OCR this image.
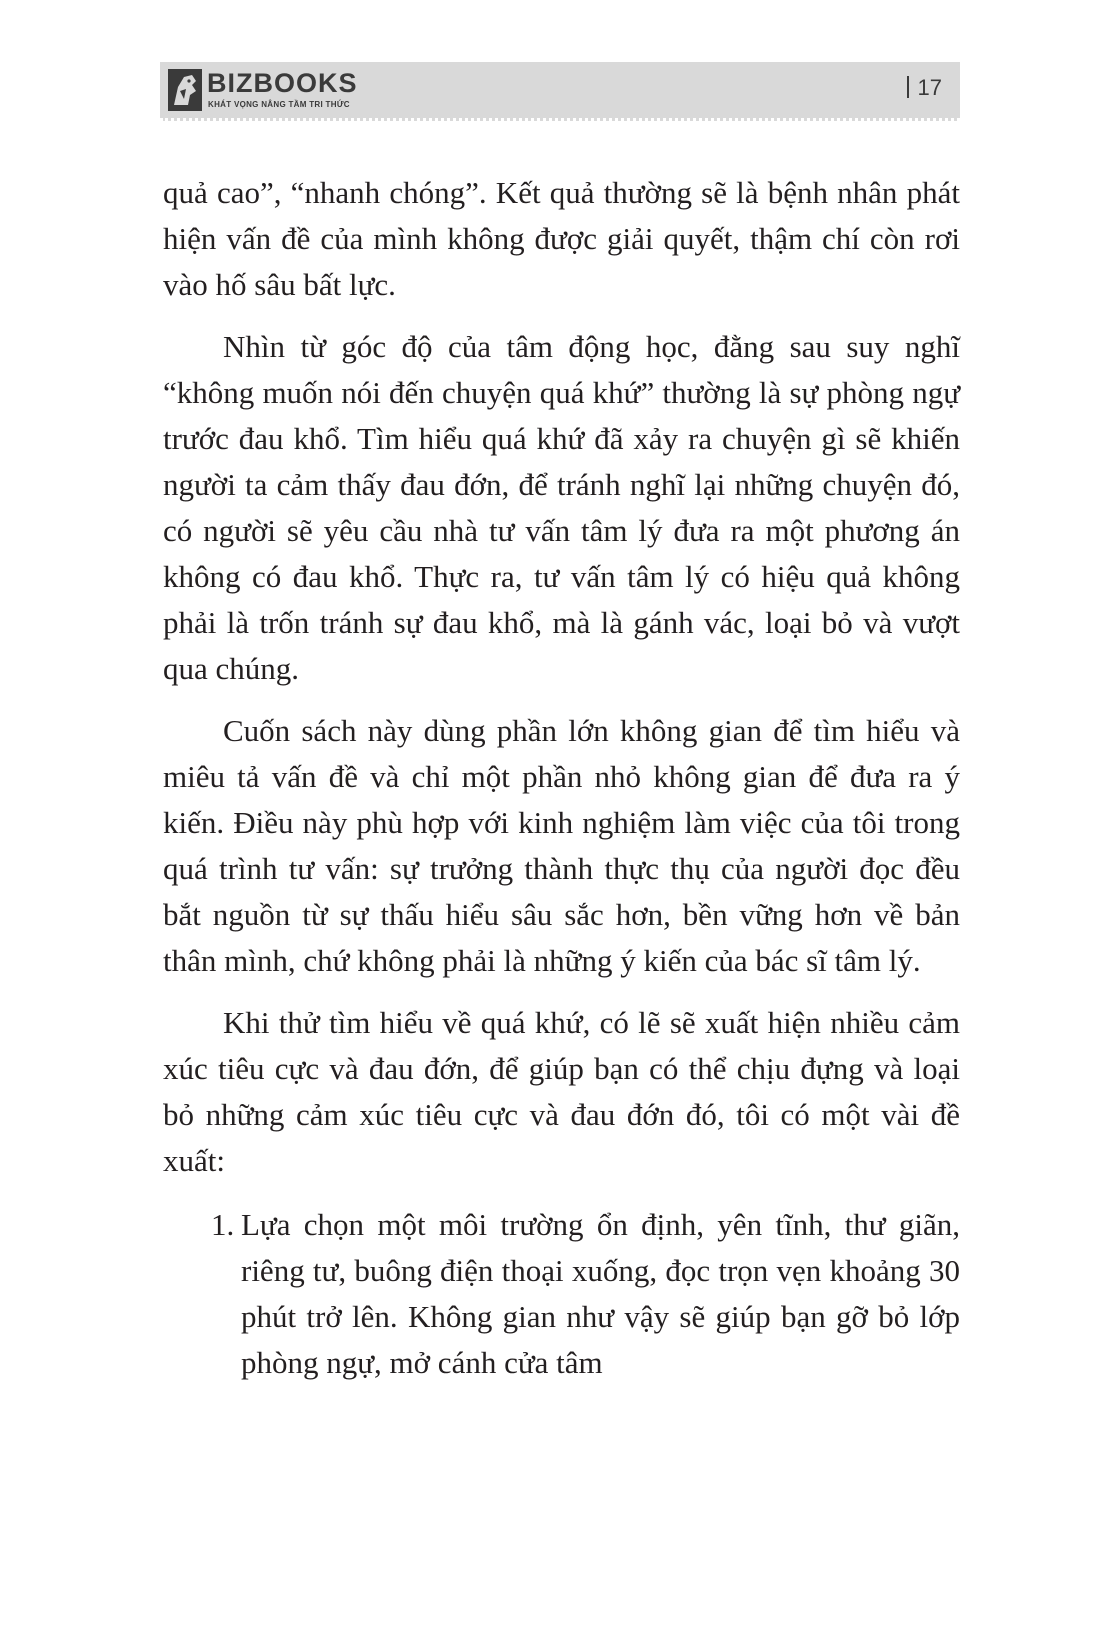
BIZBOOKS
KHÁT VỌNG NÂNG TẦM TRI THỨC
17

quả cao”, “nhanh chóng”. Kết quả thường sẽ là bệnh nhân phát hiện vấn đề của mình không được giải quyết, thậm chí còn rơi vào hố sâu bất lực.

Nhìn từ góc độ của tâm động học, đằng sau suy nghĩ “không muốn nói đến chuyện quá khứ” thường là sự phòng ngự trước đau khổ. Tìm hiểu quá khứ đã xảy ra chuyện gì sẽ khiến người ta cảm thấy đau đớn, để tránh nghĩ lại những chuyện đó, có người sẽ yêu cầu nhà tư vấn tâm lý đưa ra một phương án không có đau khổ. Thực ra, tư vấn tâm lý có hiệu quả không phải là trốn tránh sự đau khổ, mà là gánh vác, loại bỏ và vượt qua chúng.

Cuốn sách này dùng phần lớn không gian để tìm hiểu và miêu tả vấn đề và chỉ một phần nhỏ không gian để đưa ra ý kiến. Điều này phù hợp với kinh nghiệm làm việc của tôi trong quá trình tư vấn: sự trưởng thành thực thụ của người đọc đều bắt nguồn từ sự thấu hiểu sâu sắc hơn, bền vững hơn về bản thân mình, chứ không phải là những ý kiến của bác sĩ tâm lý.

Khi thử tìm hiểu về quá khứ, có lẽ sẽ xuất hiện nhiều cảm xúc tiêu cực và đau đớn, để giúp bạn có thể chịu đựng và loại bỏ những cảm xúc tiêu cực và đau đớn đó, tôi có một vài đề xuất:

1. Lựa chọn một môi trường ổn định, yên tĩnh, thư giãn, riêng tư, buông điện thoại xuống, đọc trọn vẹn khoảng 30 phút trở lên. Không gian như vậy sẽ giúp bạn gỡ bỏ lớp phòng ngự, mở cánh cửa tâm
